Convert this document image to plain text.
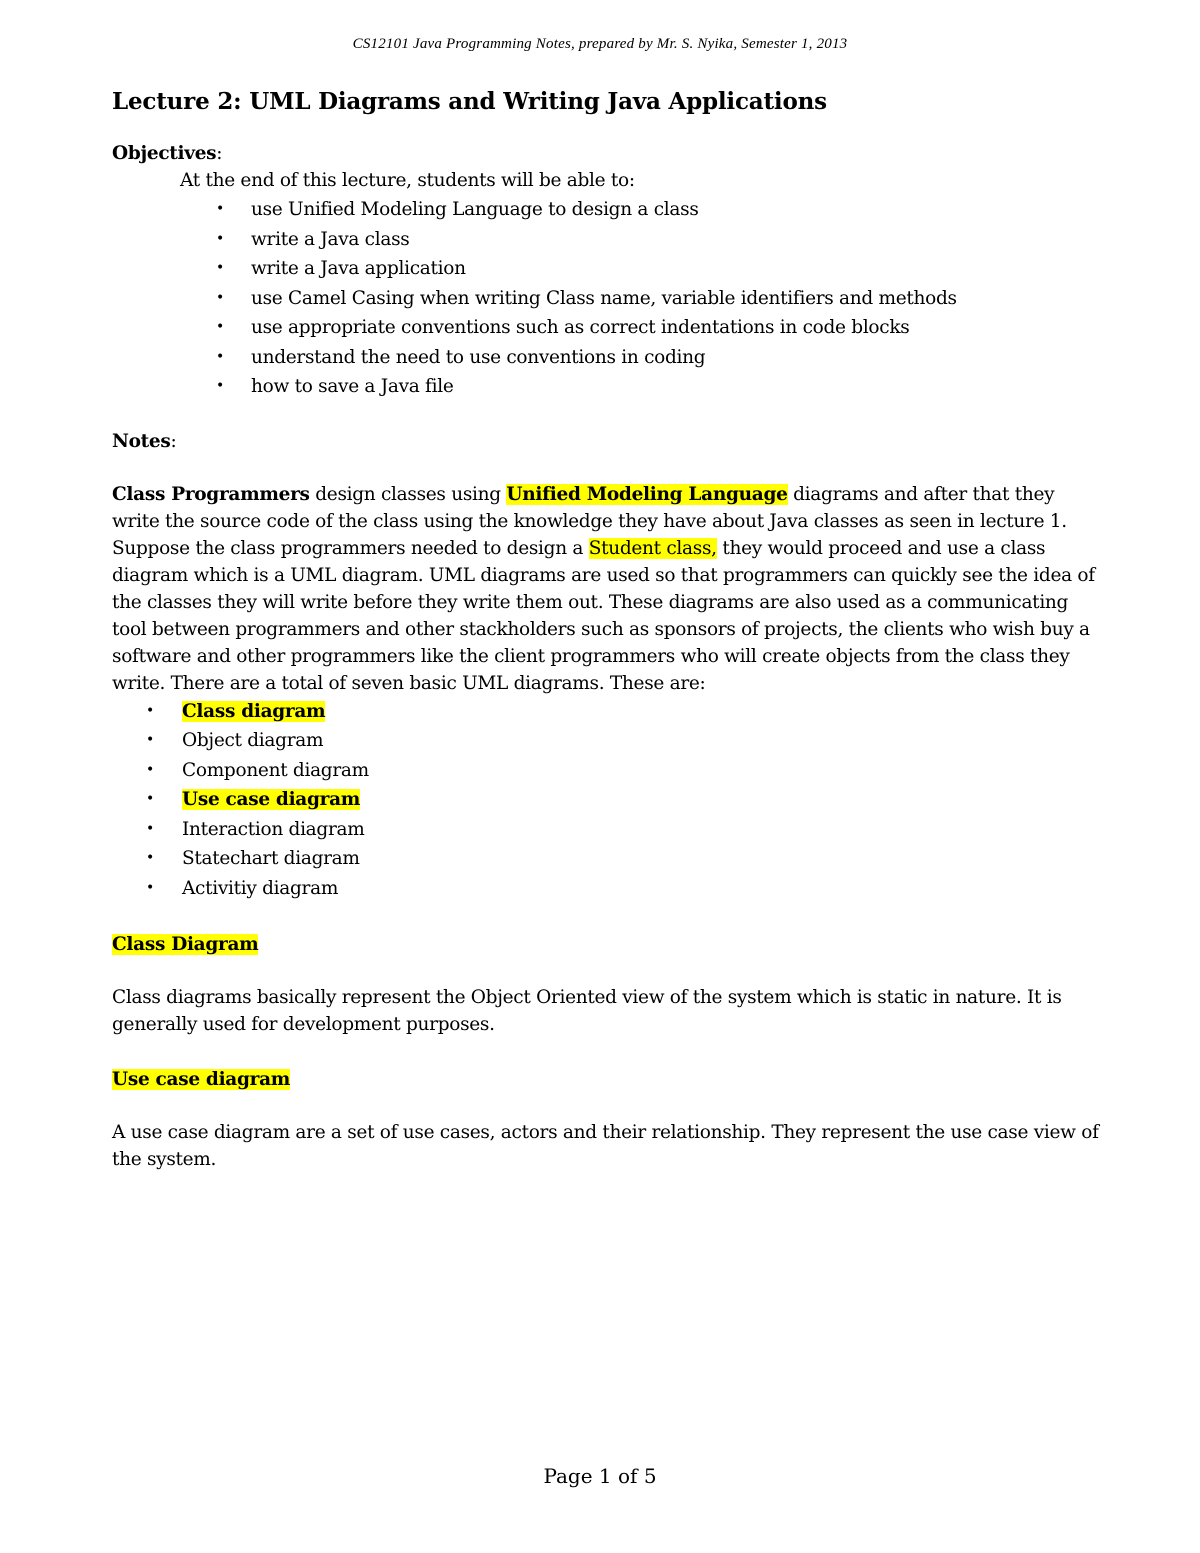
CS12101 Java Programming Notes, prepared by Mr. S. Nyika, Semester 1, 2013
Lecture 2: UML Diagrams and Writing Java Applications

Objectives:

At the end of this lecture, students will be able to:

• use Unified Modeling Language to design a class
• write a Java class
• write a Java application
• use Camel Casing when writing Class name, variable identifiers and methods
• use appropriate conventions such as correct indentations in code blocks
• understand the need to use conventions in coding
• how to save a Java file

Notes:

Class Programmers design classes using Unified Modeling Language diagrams and after that they write the source code of the class using the knowledge they have about Java classes as seen in lecture 1. Suppose the class programmers needed to design a Student class, they would proceed and use a class diagram which is a UML diagram. UML diagrams are used so that programmers can quickly see the idea of the classes they will write before they write them out. These diagrams are also used as a communicating tool between programmers and other stackholders such as sponsors of projects, the clients who wish buy a software and other programmers like the client programmers who will create objects from the class they write. There are a total of seven basic UML diagrams. These are:

• Class diagram
• Object diagram
• Component diagram
• Use case diagram
• Interaction diagram
• Statechart diagram
• Activitiy diagram

Class Diagram

Class diagrams basically represent the Object Oriented view of the system which is static in nature. It is generally used for development purposes.

Use case diagram

A use case diagram are a set of use cases, actors and their relationship. They represent the use case view of the system.

Page 1 of 5
